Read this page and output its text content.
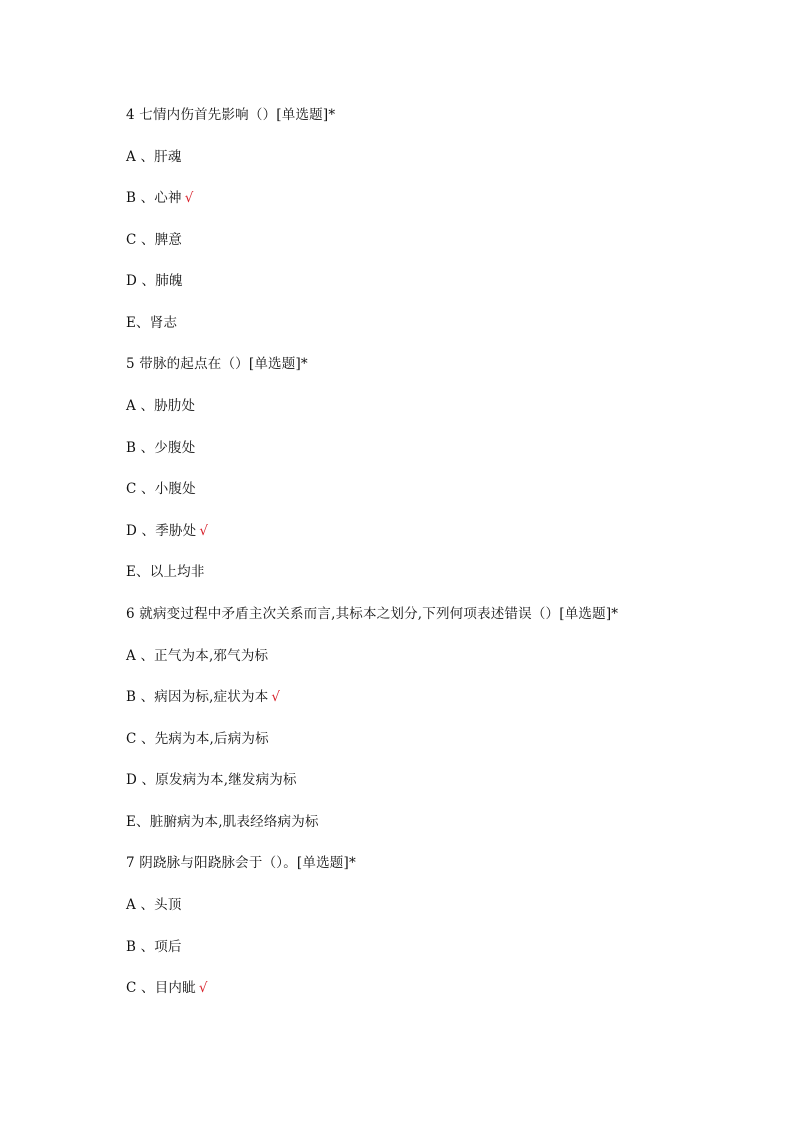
4 七情内伤首先影响（）[单选题]*
A 、肝魂
B 、心神 √
C 、脾意
D 、肺魄
E、肾志
5 带脉的起点在（）[单选题]*
A 、胁肋处
B 、少腹处
C 、小腹处
D 、季胁处 √
E、以上均非
6 就病变过程中矛盾主次关系而言,其标本之划分,下列何项表述错误（）[单选题]*
A 、正气为本,邪气为标
B 、病因为标,症状为本 √
C 、先病为本,后病为标
D 、原发病为本,继发病为标
E、脏腑病为本,肌表经络病为标
7 阴跷脉与阳跷脉会于（）。[单选题]*
A 、头顶
B 、项后
C 、目内眦 √
